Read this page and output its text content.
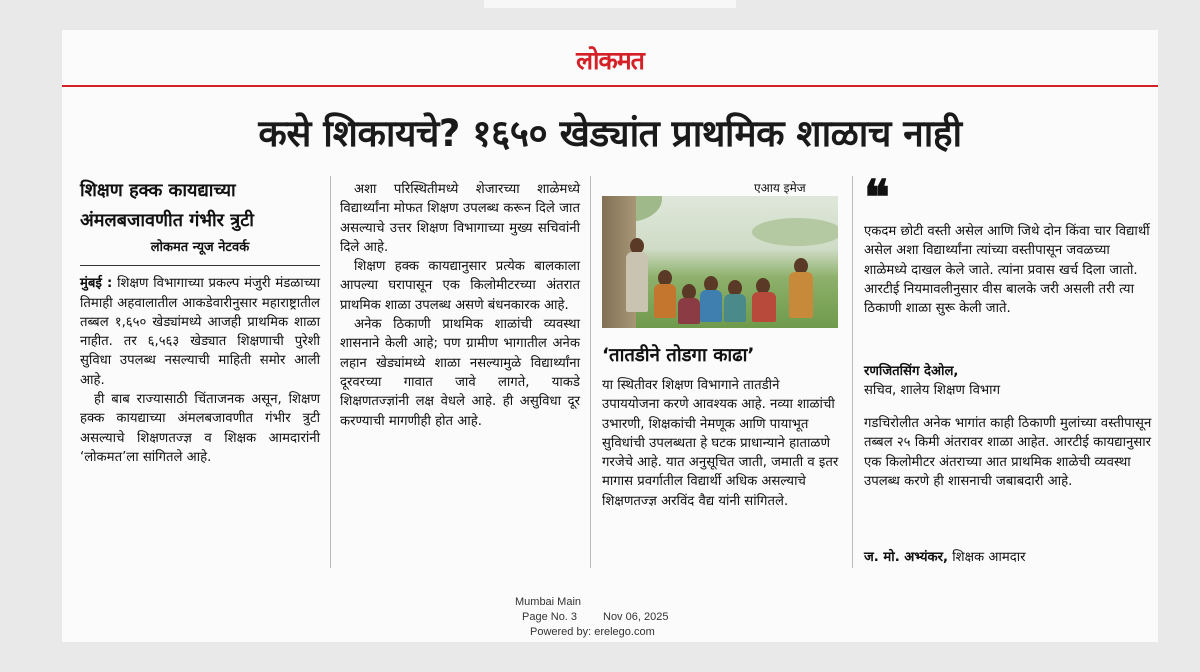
लोकमत
कसे शिकायचे? १६५० खेड्यांत प्राथमिक शाळाच नाही
शिक्षण हक्क कायद्याच्या
अंमलबजावणीत गंभीर त्रुटी
लोकमत न्यूज नेटवर्क

मुंबई : शिक्षण विभागाच्या प्रकल्प मंजुरी मंडळाच्या तिमाही अहवालातील आकडेवारीनुसार महाराष्ट्रातील तब्बल १,६५० खेड्यांमध्ये आजही प्राथमिक शाळा नाहीत. तर ६,५६३ खेड्यात शिक्षणाची पुरेशी सुविधा उपलब्ध नसल्याची माहिती समोर आली आहे.

ही बाब राज्यासाठी चिंताजनक असून, शिक्षण हक्क कायद्याच्या अंमलबजावणीत गंभीर त्रुटी असल्याचे शिक्षणतज्ज्ञ व शिक्षक आमदारांनी ‘लोकमत’ला सांगितले आहे.

अशा परिस्थितीमध्ये शेजारच्या शाळेमध्ये विद्यार्थ्यांना मोफत शिक्षण उपलब्ध करून दिले जात असल्याचे उत्तर शिक्षण विभागाच्या मुख्य सचिवांनी दिले आहे.

शिक्षण हक्क कायद्यानुसार प्रत्येक बालकाला आपल्या घरापासून एक किलोमीटरच्या अंतरात प्राथमिक शाळा उपलब्ध असणे बंधनकारक आहे.

अनेक ठिकाणी प्राथमिक शाळांची व्यवस्था शासनाने केली आहे; पण ग्रामीण भागातील अनेक लहान खेड्यांमध्ये शाळा नसल्यामुळे विद्यार्थ्यांना दूरवरच्या गावात जावे लागते, याकडे शिक्षणतज्ज्ञांनी लक्ष वेधले आहे. ही असुविधा दूर करण्याची मागणीही होत आहे.

एआय इमेज
‘तातडीने तोडगा काढा’
या स्थितीवर शिक्षण विभागाने तातडीने उपाययोजना करणे आवश्यक आहे. नव्या शाळांची उभारणी, शिक्षकांची नेमणूक आणि पायाभूत सुविधांची उपलब्धता हे घटक प्राधान्याने हाताळणे गरजेचे आहे. यात अनुसूचित जाती, जमाती व इतर मागास प्रवर्गातील विद्यार्थी अधिक असल्याचे शिक्षणतज्ज्ञ अरविंद वैद्य यांनी सांगितले.
❝
एकदम छोटी वस्ती असेल आणि जिथे दोन किंवा चार विद्यार्थी असेल अशा विद्यार्थ्यांना त्यांच्या वस्तीपासून जवळच्या शाळेमध्ये दाखल केले जाते. त्यांना प्रवास खर्च दिला जातो. आरटीई नियमावलीनुसार वीस बालके जरी असली तरी त्या ठिकाणी शाळा सुरू केली जाते.
रणजितसिंग देओल,
सचिव, शालेय शिक्षण विभाग
गडचिरोलीत अनेक भागांत काही ठिकाणी मुलांच्या वस्तीपासून तब्बल २५ किमी अंतरावर शाळा आहेत. आरटीई कायद्यानुसार एक किलोमीटर अंतराच्या आत प्राथमिक शाळेची व्यवस्था उपलब्ध करणे ही शासनाची जबाबदारी आहे.
ज. मो. अभ्यंकर, शिक्षक आमदार
Mumbai Main
Page No. 3 Nov 06, 2025
Powered by: erelego.com
